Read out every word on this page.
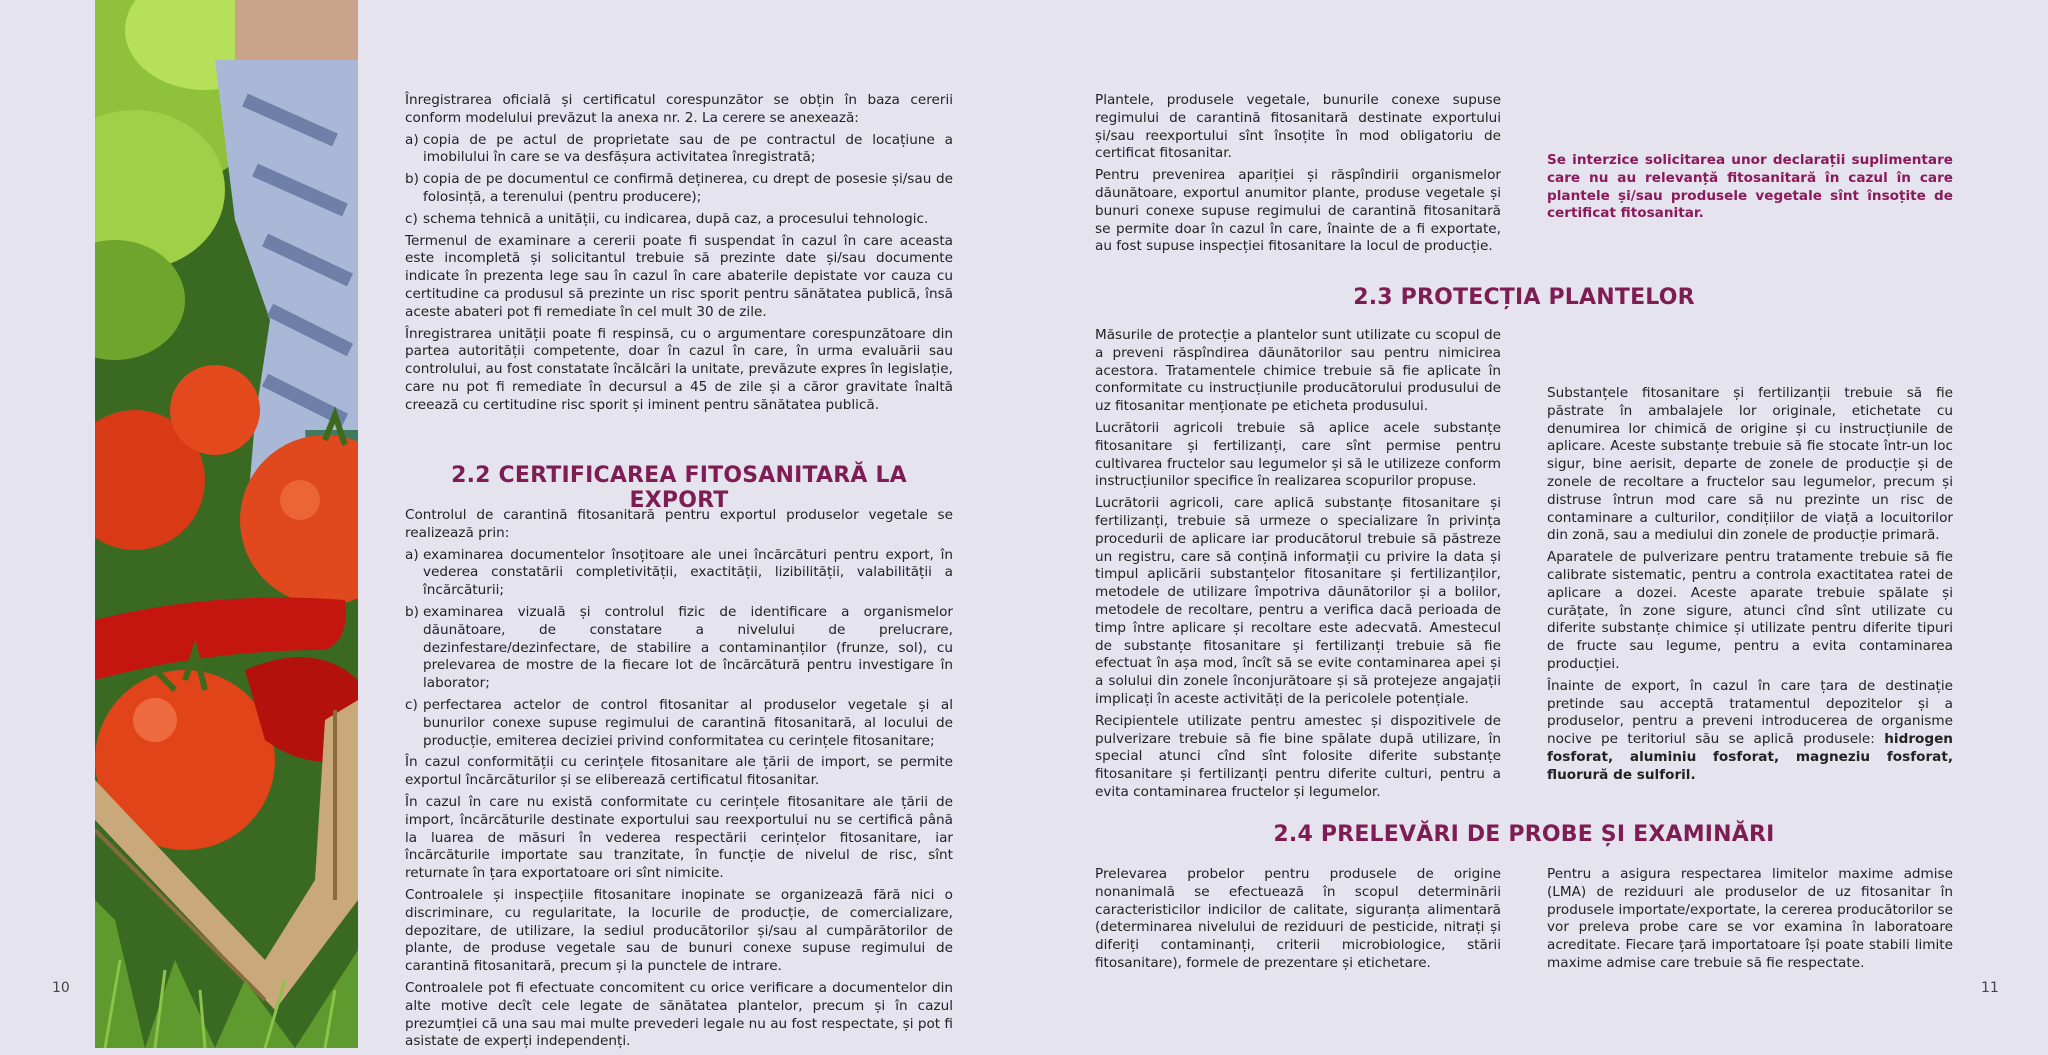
10	11

Înregistrarea oficială și certificatul corespunzător se obțin în baza cererii conform modelului prevăzut la anexa nr. 2. La cerere se anexează:

a) copia de pe actul de proprietate sau de pe contractul de locațiune a imobilului în care se va desfășura activitatea înregistrată;
b) copia de pe documentul ce confirmă deținerea, cu drept de posesie și/sau de folosință, a terenului (pentru producere);
c) schema tehnică a unității, cu indicarea, după caz, a procesului tehnologic.

Termenul de examinare a cererii poate fi suspendat în cazul în care aceasta este incompletă și solicitantul trebuie să prezinte date și/sau documente indicate în prezenta lege sau în cazul în care abaterile depistate vor cauza cu certitudine ca produsul să prezinte un risc sporit pentru sănătatea publică, însă aceste abateri pot fi remediate în cel mult 30 de zile.

Înregistrarea unității poate fi respinsă, cu o argumentare corespunzătoare din partea autorității competente, doar în cazul în care, în urma evaluării sau controlului, au fost constatate încălcări la unitate, prevăzute expres în legislație, care nu pot fi remediate în decursul a 45 de zile și a căror gravitate înaltă creează cu certitudine risc sporit și iminent pentru sănătatea publică.

2.2 CERTIFICAREA FITOSANITARĂ LA EXPORT

Controlul de carantină fitosanitară pentru exportul produselor vegetale se realizează prin:

a) examinarea documentelor însoțitoare ale unei încărcături pentru export, în vederea constatării completivității, exactității, lizibilității, valabilității a încărcăturii;
b) examinarea vizuală și controlul fizic de identificare a organismelor dăunătoare, de constatare a nivelului de prelucrare, dezinfestare/dezinfectare, de stabilire a contaminanților (frunze, sol), cu prelevarea de mostre de la fiecare lot de încărcătură pentru investigare în laborator;
c) perfectarea actelor de control fitosanitar al produselor vegetale și al bunurilor conexe supuse regimului de carantină fitosanitară, al locului de producție, emiterea deciziei privind conformitatea cu cerințele fitosanitare;

În cazul conformității cu cerințele fitosanitare ale țării de import, se permite exportul încărcăturilor și se eliberează certificatul fitosanitar.

În cazul în care nu există conformitate cu cerințele fitosanitare ale țării de import, încărcăturile destinate exportului sau reexportului nu se certifică până la luarea de măsuri în vederea respectării cerințelor fitosanitare, iar încărcăturile importate sau tranzitate, în funcție de nivelul de risc, sînt returnate în țara exportatoare ori sînt nimicite.

Controalele și inspecțiile fitosanitare inopinate se organizează fără nici o discriminare, cu regularitate, la locurile de producție, de comercializare, depozitare, de utilizare, la sediul producătorilor și/sau al cumpărătorilor de plante, de produse vegetale sau de bunuri conexe supuse regimului de carantină fitosanitară, precum și la punctele de intrare.

Controalele pot fi efectuate concomitent cu orice verificare a documentelor din alte motive decît cele legate de sănătatea plantelor, precum și în cazul prezumției că una sau mai multe prevederi legale nu au fost respectate, și pot fi asistate de experți independenți.

Plantele, produsele vegetale, bunurile conexe supuse regimului de carantină fitosanitară destinate exportului și/sau reexportului sînt însoțite în mod obligatoriu de certificat fitosanitar.

Pentru prevenirea apariției și răspîndirii organismelor dăunătoare, exportul anumitor plante, produse vegetale și bunuri conexe supuse regimului de carantină fitosanitară se permite doar în cazul în care, înainte de a fi exportate, au fost supuse inspecției fitosanitare la locul de producție.

Se interzice solicitarea unor declarații suplimentare care nu au relevanță fitosanitară în cazul în care plantele și/sau produsele vegetale sînt însoțite de certificat fitosanitar.

2.3 PROTECȚIA PLANTELOR

Măsurile de protecție a plantelor sunt utilizate cu scopul de a preveni răspîndirea dăunătorilor sau pentru nimicirea acestora. Tratamentele chimice trebuie să fie aplicate în conformitate cu instrucțiunile producătorului produsului de uz fitosanitar menționate pe eticheta produsului.

Lucrătorii agricoli trebuie să aplice acele substanțe fitosanitare și fertilizanți, care sînt permise pentru cultivarea fructelor sau legumelor și să le utilizeze conform instrucțiunilor specifice în realizarea scopurilor propuse.

Lucrătorii agricoli, care aplică substanțe fitosanitare și fertilizanți, trebuie să urmeze o specializare în privința procedurii de aplicare iar producătorul trebuie să păstreze un registru, care să conțină informații cu privire la data și timpul aplicării substanțelor fitosanitare și fertilizanților, metodele de utilizare împotriva dăunătorilor și a bolilor, metodele de recoltare, pentru a verifica dacă perioada de timp între aplicare și recoltare este adecvată. Amestecul de substanțe fitosanitare și fertilizanți trebuie să fie efectuat în așa mod, încît să se evite contaminarea apei și a solului din zonele înconjurătoare și să protejeze angajații implicați în aceste activități de la pericolele potențiale.

Recipientele utilizate pentru amestec și dispozitivele de pulverizare trebuie să fie bine spălate după utilizare, în special atunci cînd sînt folosite diferite substanțe fitosanitare și fertilizanți pentru diferite culturi, pentru a evita contaminarea fructelor și legumelor.

Substanțele fitosanitare și fertilizanții trebuie să fie păstrate în ambalajele lor originale, etichetate cu denumirea lor chimică de origine și cu instrucțiunile de aplicare. Aceste substanțe trebuie să fie stocate într-un loc sigur, bine aerisit, departe de zonele de producție și de zonele de recoltare a fructelor sau legumelor, precum și distruse întrun mod care să nu prezinte un risc de contaminare a culturilor, condițiilor de viață a locuitorilor din zonă, sau a mediului din zonele de producție primară.

Aparatele de pulverizare pentru tratamente trebuie să fie calibrate sistematic, pentru a controla exactitatea ratei de aplicare a dozei. Aceste aparate trebuie spălate și curățate, în zone sigure, atunci cînd sînt utilizate cu diferite substanțe chimice și utilizate pentru diferite tipuri de fructe sau legume, pentru a evita contaminarea producției.

Înainte de export, în cazul în care țara de destinație pretinde sau acceptă tratamentul depozitelor și a produselor, pentru a preveni introducerea de organisme nocive pe teritoriul său se aplică produsele: hidrogen fosforat, aluminiu fosforat, magneziu fosforat, fluorură de sulforil.

2.4 PRELEVĂRI DE PROBE ȘI EXAMINĂRI

Prelevarea probelor pentru produsele de origine nonanimală se efectuează în scopul determinării caracteristicilor indicilor de calitate, siguranța alimentară (determinarea nivelului de reziduuri de pesticide, nitrați și diferiți contaminanți, criterii microbiologice, stării fitosanitare), formele de prezentare și etichetare.

Pentru a asigura respectarea limitelor maxime admise (LMA) de reziduuri ale produselor de uz fitosanitar în produsele importate/exportate, la cererea producătorilor se vor preleva probe care se vor examina în laboratoare acreditate. Fiecare țară importatoare își poate stabili limite maxime admise care trebuie să fie respectate.
